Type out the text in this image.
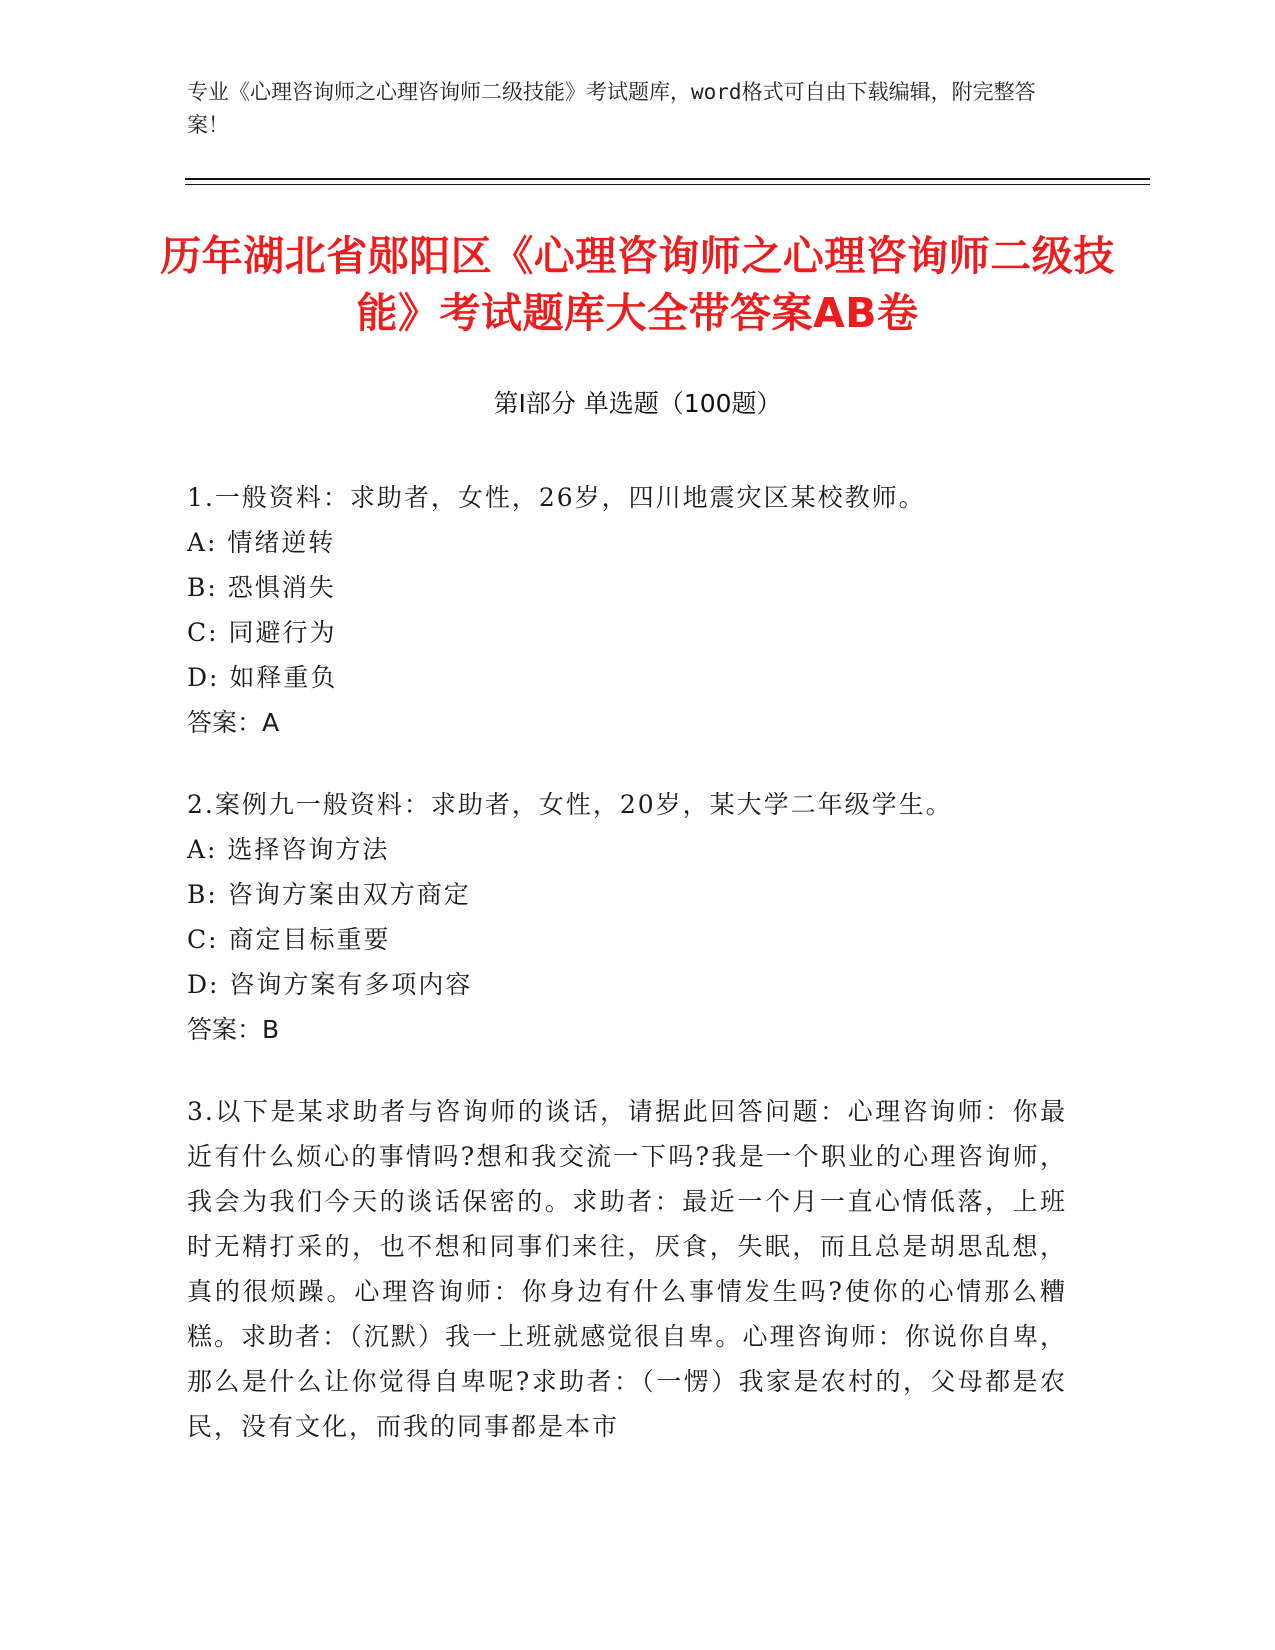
专业《心理咨询师之心理咨询师二级技能》考试题库，word格式可自由下载编辑，附完整答案！
历年湖北省郧阳区《心理咨询师之心理咨询师二级技能》考试题库大全带答案AB卷
第Ⅰ部分 单选题（100题）
1.一般资料：求助者，女性，26岁，四川地震灾区某校教师。
A: 情绪逆转
B: 恐惧消失
C: 同避行为
D: 如释重负
答案：A
2.案例九一般资料：求助者，女性，20岁，某大学二年级学生。
A: 选择咨询方法
B: 咨询方案由双方商定
C: 商定目标重要
D: 咨询方案有多项内容
答案：B
3.以下是某求助者与咨询师的谈话，请据此回答问题：心理咨询师：你最近有什么烦心的事情吗?想和我交流一下吗?我是一个职业的心理咨询师，我会为我们今天的谈话保密的。求助者：最近一个月一直心情低落，上班时无精打采的，也不想和同事们来往，厌食，失眠，而且总是胡思乱想，真的很烦躁。心理咨询师：你身边有什么事情发生吗?使你的心情那么糟糕。求助者：（沉默）我一上班就感觉很自卑。心理咨询师：你说你自卑，那么是什么让你觉得自卑呢?求助者：（一愣）我家是农村的，父母都是农民，没有文化，而我的同事都是本市
